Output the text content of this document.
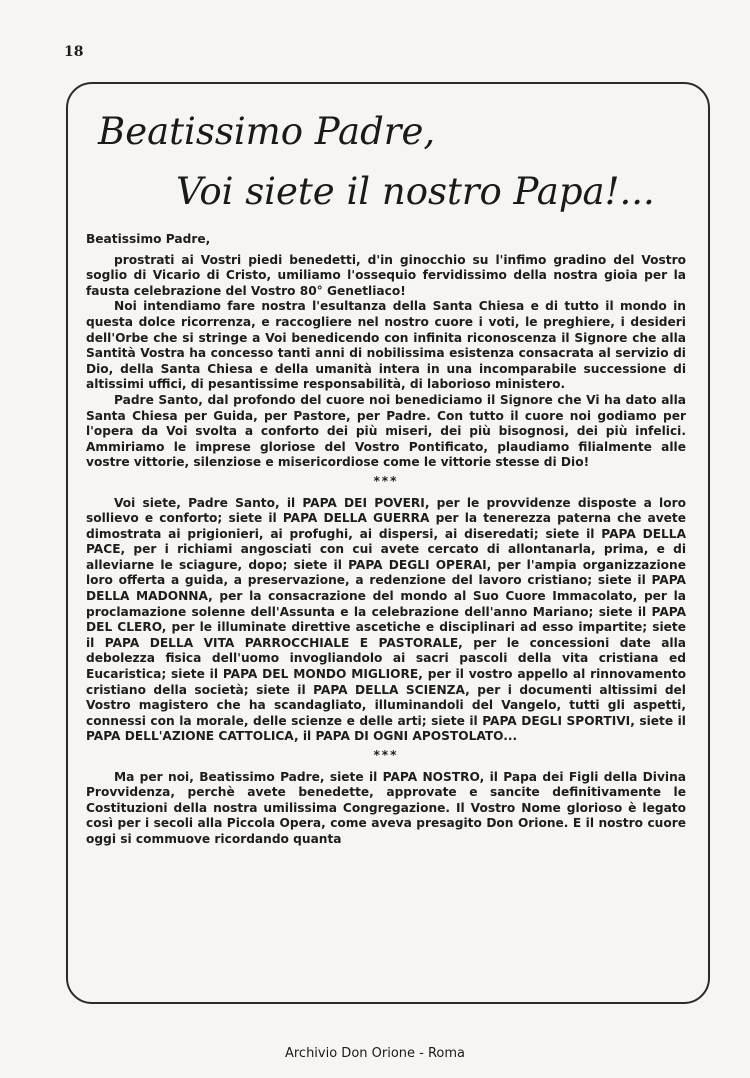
18
Beatissimo Padre,
Voi siete il nostro Papa!...

Beatissimo Padre,

prostrati ai Vostri piedi benedetti, d'in ginocchio su l'infimo gradino del Vostro soglio di Vicario di Cristo, umiliamo l'ossequio fervidissimo della nostra gioia per la fausta celebrazione del Vostro 80° Genetliaco!

Noi intendiamo fare nostra l'esultanza della Santa Chiesa e di tutto il mondo in questa dolce ricorrenza, e raccogliere nel nostro cuore i voti, le preghiere, i desideri dell'Orbe che si stringe a Voi benedicendo con infinita riconoscenza il Signore che alla Santità Vostra ha concesso tanti anni di nobilissima esistenza consacrata al servizio di Dio, della Santa Chiesa e della umanità intera in una incomparabile successione di altissimi uffici, di pesantissime responsabilità, di laborioso ministero.

Padre Santo, dal profondo del cuore noi benediciamo il Signore che Vi ha dato alla Santa Chiesa per Guida, per Pastore, per Padre. Con tutto il cuore noi godiamo per l'opera da Voi svolta a conforto dei più miseri, dei più bisognosi, dei più infelici. Ammiriamo le imprese gloriose del Vostro Pontificato, plaudiamo filialmente alle vostre vittorie, silenziose e misericordiose come le vittorie stesse di Dio!

***

Voi siete, Padre Santo, il PAPA DEI POVERI, per le provvidenze disposte a loro sollievo e conforto; siete il PAPA DELLA GUERRA per la tenerezza paterna che avete dimostrata ai prigionieri, ai profughi, ai dispersi, ai diseredati; siete il PAPA DELLA PACE, per i richiami angosciati con cui avete cercato di allontanarla, prima, e di alleviarne le sciagure, dopo; siete il PAPA DEGLI OPERAI, per l'ampia organizzazione loro offerta a guida, a preservazione, a redenzione del lavoro cristiano; siete il PAPA DELLA MADONNA, per la consacrazione del mondo al Suo Cuore Immacolato, per la proclamazione solenne dell'Assunta e la celebrazione dell'anno Mariano; siete il PAPA DEL CLERO, per le illuminate direttive ascetiche e disciplinari ad esso impartite; siete il PAPA DELLA VITA PARROCCHIALE E PASTORALE, per le concessioni date alla debolezza fisica dell'uomo invogliandolo ai sacri pascoli della vita cristiana ed Eucaristica; siete il PAPA DEL MONDO MIGLIORE, per il vostro appello al rinnovamento cristiano della società; siete il PAPA DELLA SCIENZA, per i documenti altissimi del Vostro magistero che ha scandagliato, illuminandoli del Vangelo, tutti gli aspetti, connessi con la morale, delle scienze e delle arti; siete il PAPA DEGLI SPORTIVI, siete il PAPA DELL'AZIONE CATTOLICA, il PAPA DI OGNI APOSTOLATO...

***

Ma per noi, Beatissimo Padre, siete il PAPA NOSTRO, il Papa dei Figli della Divina Provvidenza, perchè avete benedette, approvate e sancite definitivamente le Costituzioni della nostra umilissima Congregazione. Il Vostro Nome glorioso è legato così per i secoli alla Piccola Opera, come aveva presagito Don Orione. E il nostro cuore oggi si commuove ricordando quanta

Archivio Don Orione - Roma
